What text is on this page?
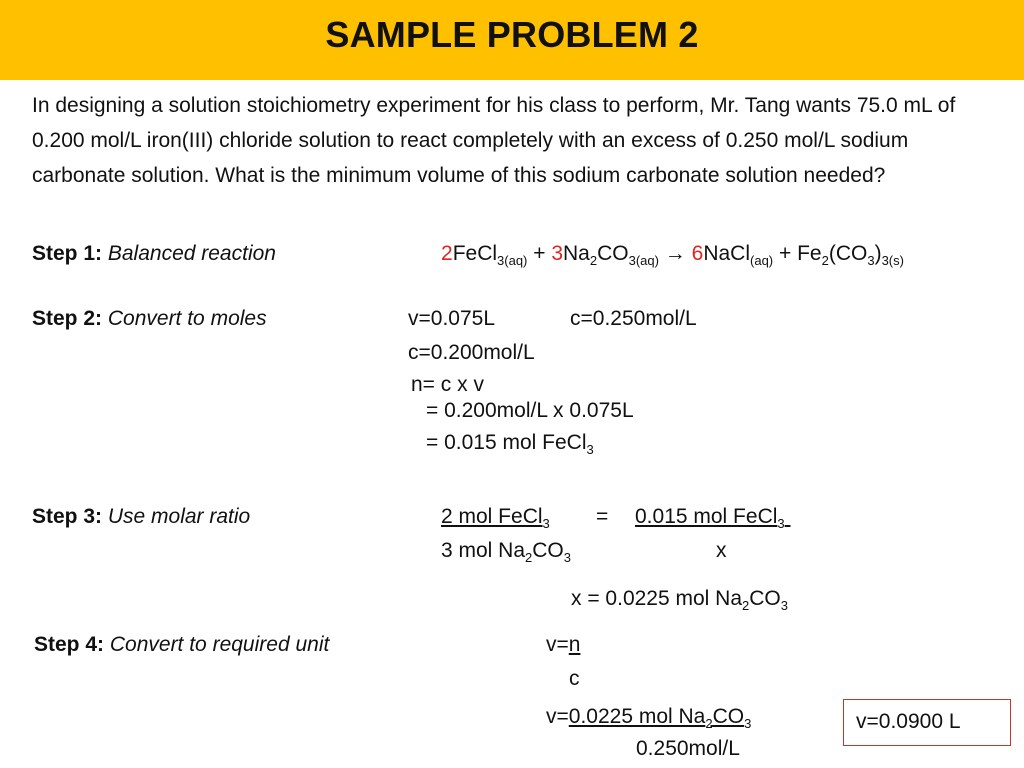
SAMPLE PROBLEM 2
In designing a solution stoichiometry experiment for his class to perform, Mr. Tang wants 75.0 mL of 0.200 mol/L iron(III) chloride solution to react completely with an excess of 0.250 mol/L sodium carbonate solution. What is the minimum volume of this sodium carbonate solution needed?
Step 1: Balanced reaction	2FeCl$_{3(aq)}$ + $3Na_2CO_{3(aq)}$ → 6NaCl$_{(aq)}$ + $Fe_2(CO_3)_{3(s)}$
Step 2: Convert to moles	v=0.075L	c=0.250mol/L
c=0.200mol/L
n= c x v
= 0.200mol/L x 0.075L
= 0.015 mol FeCl$_3$
Step 3: Use molar ratio	2 mol FeCl$_3$ = 0.015 mol FeCl$_3$
3 mol $Na_2CO_3$	x
x = 0.0225 mol $Na_2CO_3$
Step 4: Convert to required unit	v=n
c
v=0.0225 mol $Na_2CO_3$
0.250mol/L
v=0.0900 L
